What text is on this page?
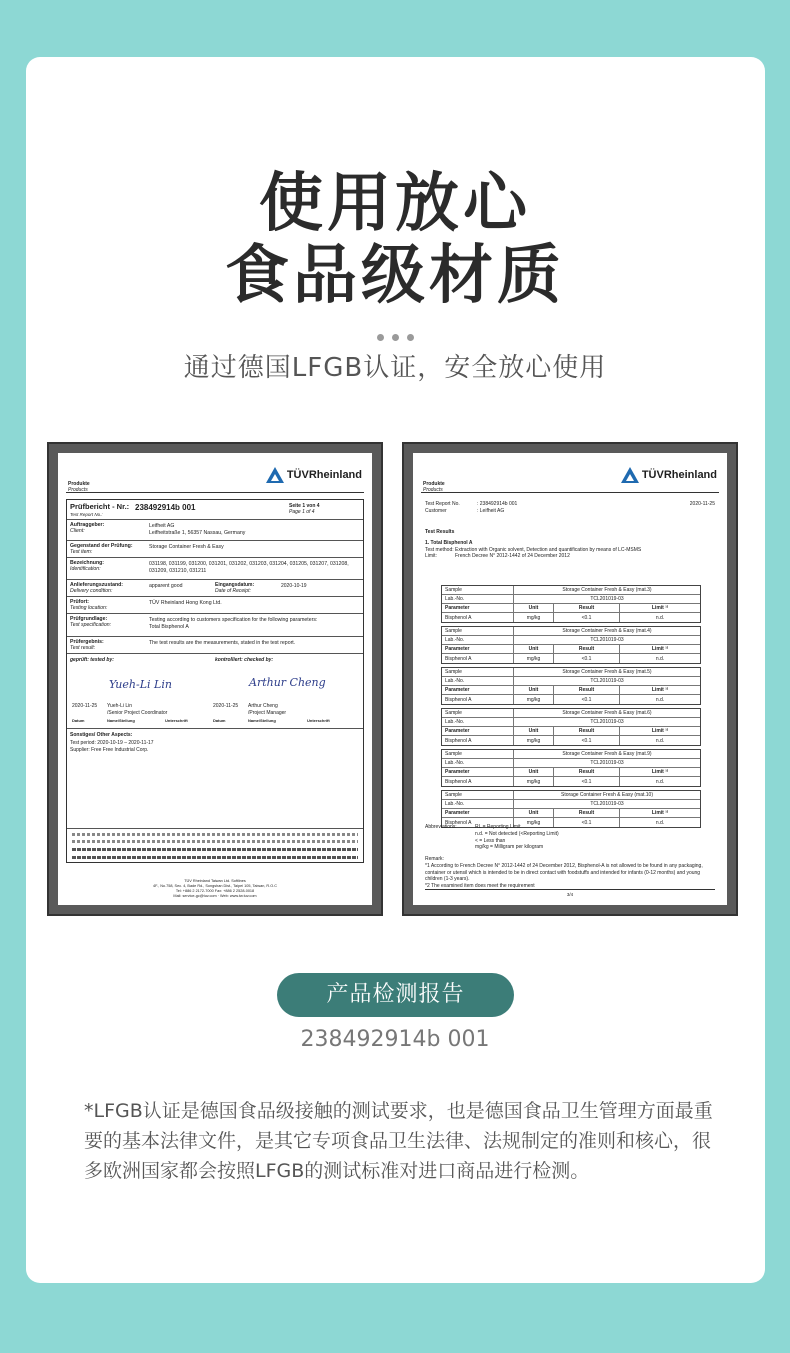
使用放心
食品级材质
通过德国LFGB认证，安全放心使用
Produkte
Products
TÜVRheinland
Prüfbericht - Nr.:
Test Report No.:
238492914b 001	Seite 1 von 4
Page 1 of 4
Auftraggeber:
Client:
Leifheit AG
Leifheitstraße 1, 56357 Nassau, Germany
Gegenstand der Prüfung:
Test item:
Storage Container Fresh & Easy
Bezeichnung:
Identification:
031198, 031199, 031200, 031201, 031202, 031203, 031204, 031205, 031207, 031208, 031209, 031210, 031211
Anlieferungszustand:
Delivery condition:
apparent good	Eingangsdatum:
Date of Receipt:
2020-10-19
Prüfort:
Testing location:
TÜV Rheinland Hong Kong Ltd.
Prüfgrundlage:
Test specification:
Testing according to customers specification for the following parameters:
Total Bisphenol A
Prüfergebnis:
Test result:
The test results are the measurements, stated in the test report.
geprüft: tested by:	kontrolliert: checked by:
Yueh-Li Lin	Arthur Cheng
2020-11-25 Yueh-Li Lin
/Senior Project Coordinator
2020-11-25 Arthur Cheng
/Project Manager
Datum	Name/Stellung	Unterschrift	Datum	Name/Stellung	Unterschrift
Sonstiges/ Other Aspects:
Test period: 2020-10-19 – 2020-11-17
Supplier: Free Free Industrial Corp.
TÜV Rheinland Taiwan Ltd. Softlines
4F., No.758, Sec. 4, Bade Rd., Songshan Dist., Taipei 105, Taiwan, R.O.C
Tel: +886 2 2172-7000 Fax: +886 2 2528-0018
Mail: service-gc@tuv.com · Web: www.tw.tuv.com
Produkte
Products
TÜVRheinland
Test Report No.	: 238492914b 001	2020-11-25
Customer	: Leifheit AG
Test Results
1. Total Bisphenol A
Test method: Extraction with Organic solvent, Detection and quantification by means of LC-MSMS
Limit:	French Decree N° 2012-1442 of 24 December 2012
Sample	Storage Container Fresh & Easy (mat.3)
Lab.-No.	TCL201019-03
Parameter	Unit	Result	Limit ¹⁾
Bisphenol A	mg/kg	<0.1	n.d.
Sample	Storage Container Fresh & Easy (mat.4)
Lab.-No.	TCL201019-03
Parameter	Unit	Result	Limit ¹⁾
Bisphenol A	mg/kg	<0.1	n.d.
Sample	Storage Container Fresh & Easy (mat.5)
Lab.-No.	TCL201019-03
Parameter	Unit	Result	Limit ¹⁾
Bisphenol A	mg/kg	<0.1	n.d.
Sample	Storage Container Fresh & Easy (mat.6)
Lab.-No.	TCL201019-03
Parameter	Unit	Result	Limit ¹⁾
Bisphenol A	mg/kg	<0.1	n.d.
Sample	Storage Container Fresh & Easy (mat.9)
Lab.-No.	TCL201019-03
Parameter	Unit	Result	Limit ¹⁾
Bisphenol A	mg/kg	<0.1	n.d.
Sample	Storage Container Fresh & Easy (mat.10)
Lab.-No.	TCL201019-03
Parameter	Unit	Result	Limit ¹⁾
Bisphenol A	mg/kg	<0.1	n.d.
Abbreviations:	RL = Reporting Limit
n.d. = Not detected (<Reporting Limit)
< = Less than
mg/kg = Milligram per kilogram
Remark:
*1 According to French Decree N° 2012-1442 of 24 December 2012, Bisphenol-A is not allowed to be found in any packaging, container or utensil which is intended to be in direct contact with foodstuffs and intended for infants (0-12 months) and young children (1-3 years).
*2 The examined item does meet the requirement
3/4
产品检测报告
238492914b 001
*LFGB认证是德国食品级接触的测试要求，也是德国食品卫生管理方面最重要的基本法律文件，是其它专项食品卫生法律、法规制定的准则和核心，很多欧洲国家都会按照LFGB的测试标准对进口商品进行检测。
